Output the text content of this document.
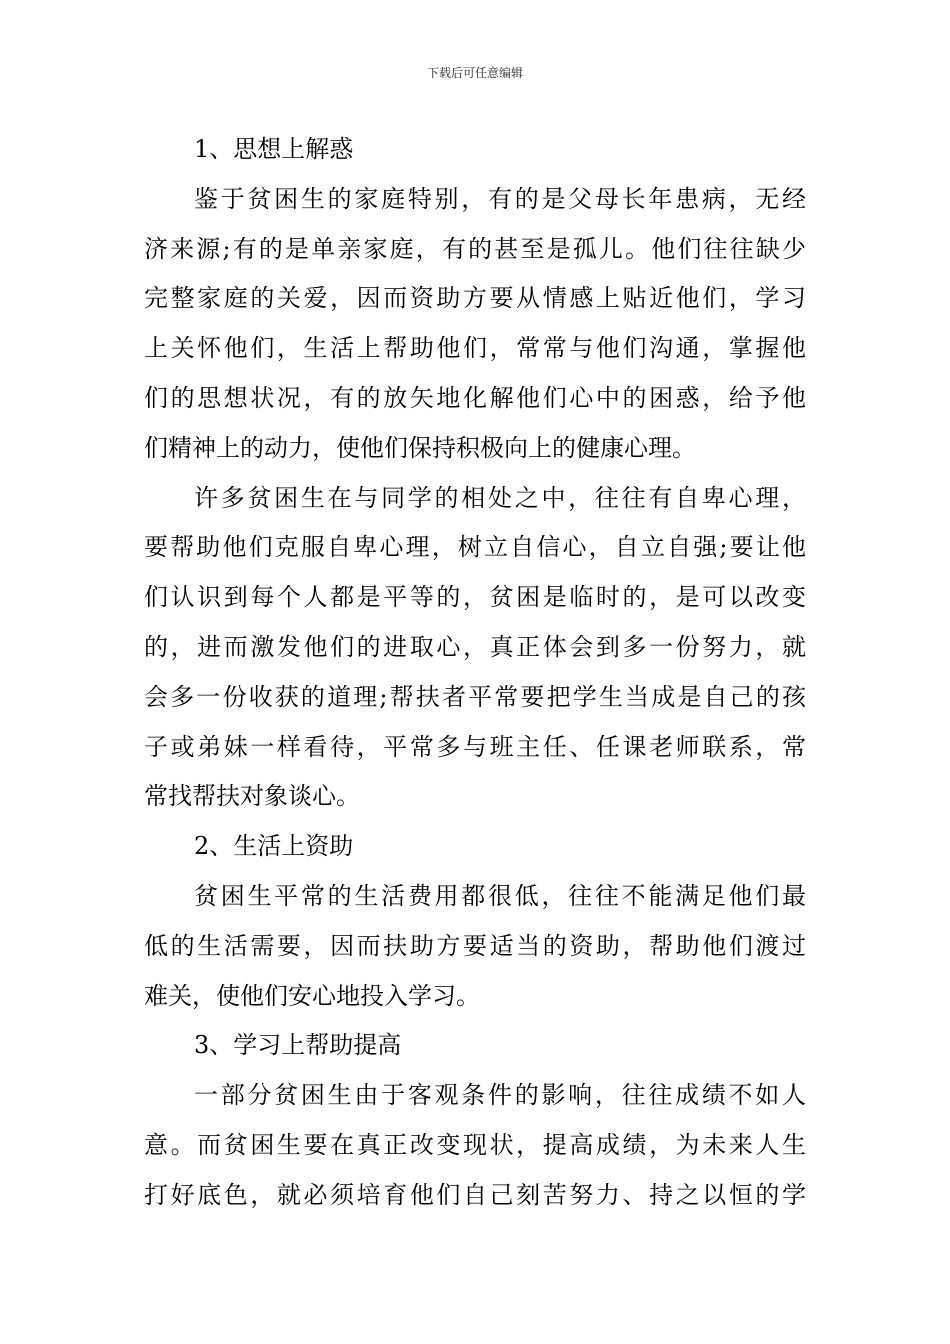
下载后可任意编辑
1、思想上解惑
鉴于贫困生的家庭特别，有的是父母长年患病，无经
济来源;有的是单亲家庭，有的甚至是孤儿。他们往往缺少
完整家庭的关爱，因而资助方要从情感上贴近他们，学习
上关怀他们，生活上帮助他们，常常与他们沟通，掌握他
们的思想状况，有的放矢地化解他们心中的困惑，给予他
们精神上的动力，使他们保持积极向上的健康心理。
许多贫困生在与同学的相处之中，往往有自卑心理，
要帮助他们克服自卑心理，树立自信心，自立自强;要让他
们认识到每个人都是平等的，贫困是临时的，是可以改变
的，进而激发他们的进取心，真正体会到多一份努力，就
会多一份收获的道理;帮扶者平常要把学生当成是自己的孩
子或弟妹一样看待，平常多与班主任、任课老师联系，常
常找帮扶对象谈心。
2、生活上资助
贫困生平常的生活费用都很低，往往不能满足他们最
低的生活需要，因而扶助方要适当的资助，帮助他们渡过
难关，使他们安心地投入学习。
3、学习上帮助提高
一部分贫困生由于客观条件的影响，往往成绩不如人
意。而贫困生要在真正改变现状，提高成绩，为未来人生
打好底色，就必须培育他们自己刻苦努力、持之以恒的学
